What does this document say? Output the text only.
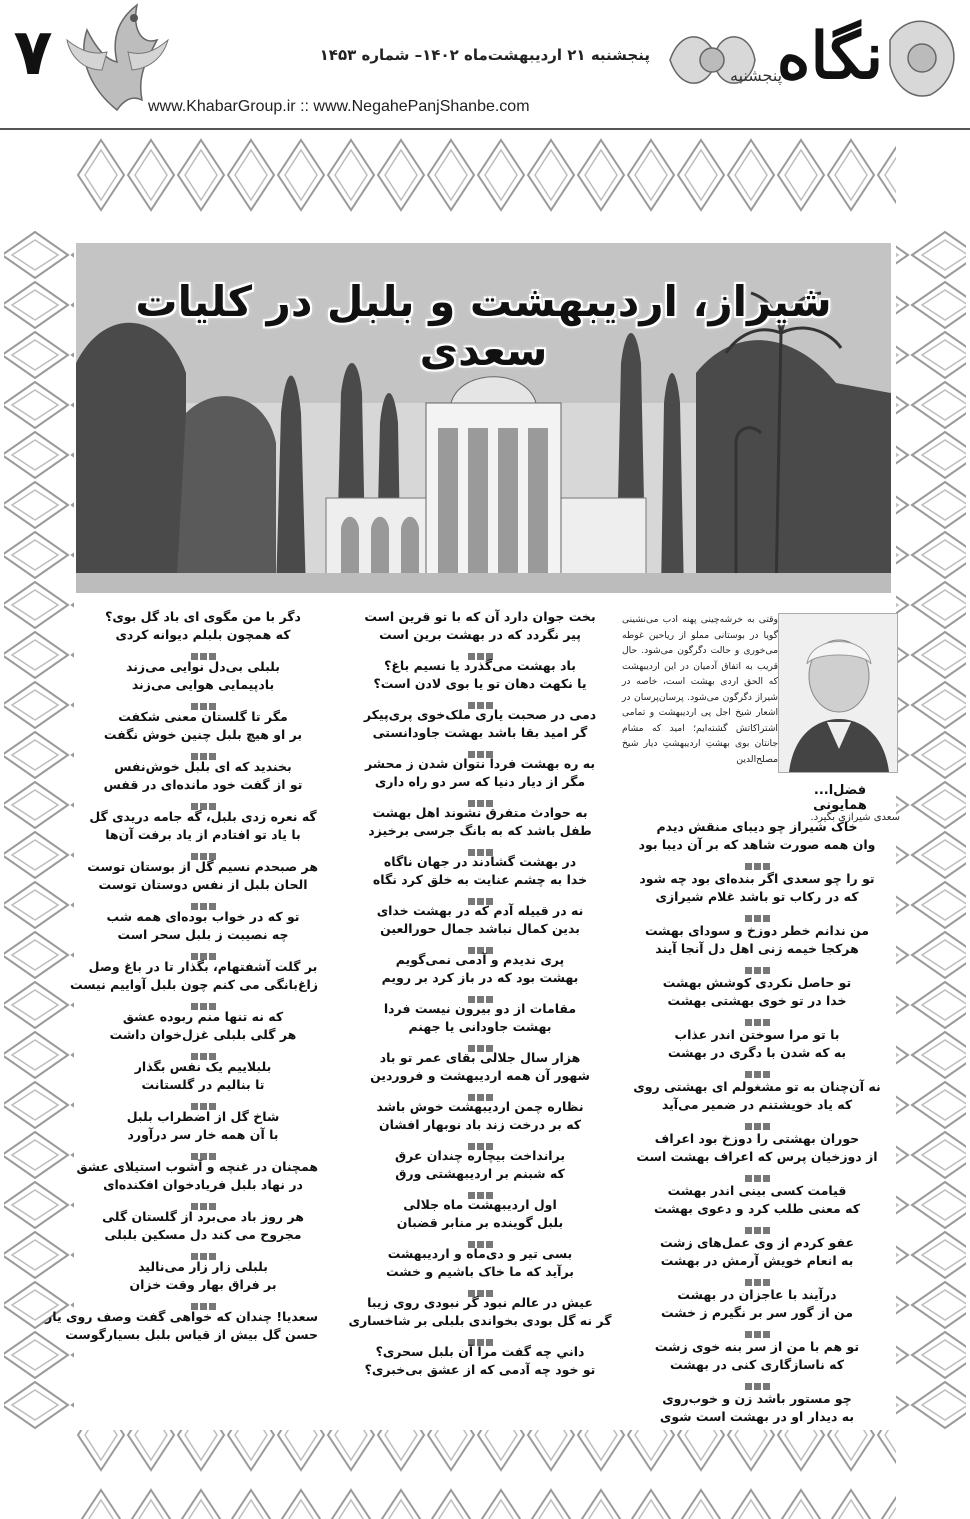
۷	پنجشنبه ۲۱ اردیبهشت‌ماه ۱۴۰۲– شماره ۱۴۵۳
www.KhabarGroup.ir :: www.NegahePanjShanbe.com
نگاه
پنجشنبه
شیراز، اردیبهشت و بلبل در کلیات سعدی
وقتی به خرشه‌چینی پهنه ادب می‌نشینی گویا در بوستانی مملو از ریاحین غوطه می‌خوری و حالت دگرگون می‌شود. حال قریب به اتفاق آدمیان در این اردیبهشت که الحق اردی بهشت است، خاصه در شیراز دگرگون می‌شود. پرسان‌پرسان در اشعار شیخ اجل پی اردیبهشت و تمامی اشتراکاتش گشته‌ایم؛ امید که مشام جانتان بوی بهشتِ اردیبهشتِ دیار شیخ مصلح‌الدین
فضل‌ا... همایونی
سعدی شیرازی بگیرد.
خاک شیراز چو دیبای منقش دیدم
وان همه صورت شاهد که بر آن دیبا بود
تو را چو سعدی اگر بنده‌ای بود چه شود
که در رکاب تو باشد غلام شیرازی
من ندانم خطر دوزخ و سودای بهشت
هرکجا خیمه زنی اهل دل آنجا آیند
تو حاصل نکردی کوشش بهشت
خدا در تو خوی بهشتی بهشت
با تو مرا سوختن اندر عذاب
به که شدن با دگری در بهشت
نه آن‌چنان به تو مشغولم ای بهشتی روی
که یاد خویشتنم در ضمیر می‌آید
حوران بهشتی را دوزخ بود اعراف
از دوزخیان پرس که اعراف بهشت است
قیامت کسی بینی اندر بهشت
که معنی طلب کرد و دعوی بهشت
عفو کردم از وی عمل‌های زشت
به انعام خویش آرمش در بهشت
درآیند با عاجزان در بهشت
من از گور سر بر نگیرم ز خشت
تو هم با من از سر بنه خوی زشت
که ناسازگاری کنی در بهشت
چو مستور باشد زن و خوب‌روی
به دیدار او در بهشت است شوی
بخت جوان دارد آن که با تو قرین است
پیر نگردد که در بهشت برین است
باد بهشت می‌گذرد یا نسیم باغ؟
یا نکهت دهان تو یا بوی لادن است؟
دمی در صحبت یاری ملک‌خوی پری‌پیکر
گر امید بقا باشد بهشت جاودانستی
به ره بهشت فردا نتوان شدن ز محشر
مگر از دیار دنیا که سر دو راه داری
به حوادث متفرق نشوند اهل بهشت
طفل باشد که به بانگ جرسی برخیزد
در بهشت گشادند در جهان ناگاه
خدا به چشم عنایت به خلق کرد نگاه
نه در قبیله آدم که در بهشت خدای
بدین کمال نباشد جمال حورالعین
پری ندیدم و آدمی نمی‌گویم
بهشت بود که در باز کرد بر رویم
مقامات از دو بیرون نیست فردا
بهشت جاودانی یا جهنم
هزار سال جلالی بقای عمر تو باد
شهور آن همه اردیبهشت و فروردین
نظاره چمن اردیبهشت خوش باشد
که بر درخت زند باد نوبهار افشان
برانداخت بیچاره چندان عرق
که شبنم بر اردیبهشتی ورق
اول اردیبهشت ماه جلالی
بلبل گوینده بر منابر قضبان
بسی تیر و دی‌ماه و اردیبهشت
برآید که ما خاک باشیم و خشت
عیش در عالم نبود گر نبودی روی زیبا
گر نه گل بودی بخواندی بلبلی بر شاخساری
داني چه گفت مرا آن بلبل سحری؟
تو خود چه آدمی که از عشق بی‌خبری؟
دگر با من مگوی ای باد گل بوی؟
که همچون بلبلم دیوانه کردی
بلبلی بی‌دل نوایی می‌زند
بادپیمایی هوایی می‌زند
مگر تا گلستان معنی شکفت
بر او هیچ بلبل چنین خوش نگفت
بخندید که ای بلبل خوش‌نفس
تو از گفت خود مانده‌ای در قفس
گه نعره زدی بلبل، گه جامه دریدی گل
با یاد تو افتادم از یاد برفت آن‌ها
هر صبحدم نسیم گل از بوستان توست
الحان بلبل از نفس دوستان توست
تو که در خواب بوده‌ای همه شب
چه نصیبت ز بلبل سحر است
بر گلت آشفتهام، بگذار تا در باغ وصل
زاغ‌بانگی می کنم چون بلبل آواییم نیست
که نه تنها منم ربوده عشق
هر گلی بلبلی غزل‌خوان داشت
بلبلاییم یک نفس بگذار
تا بنالیم در گلستانت
شاخ گل از اضطراب بلبل
با آن همه خار سر درآورد
همچنان در غنچه و آشوب استیلای عشق
در نهاد بلبل فریادخوان افکنده‌ای
هر روز باد می‌برد از گلستان گلی
مجروح می کند دل مسکین بلبلی
بلبلی زار زار می‌نالید
بر فراق بهار وقت خزان
سعدیا! چندان که خواهی گفت وصف روی یار
حسن گل بیش از قیاس بلبل بسیارگوست
